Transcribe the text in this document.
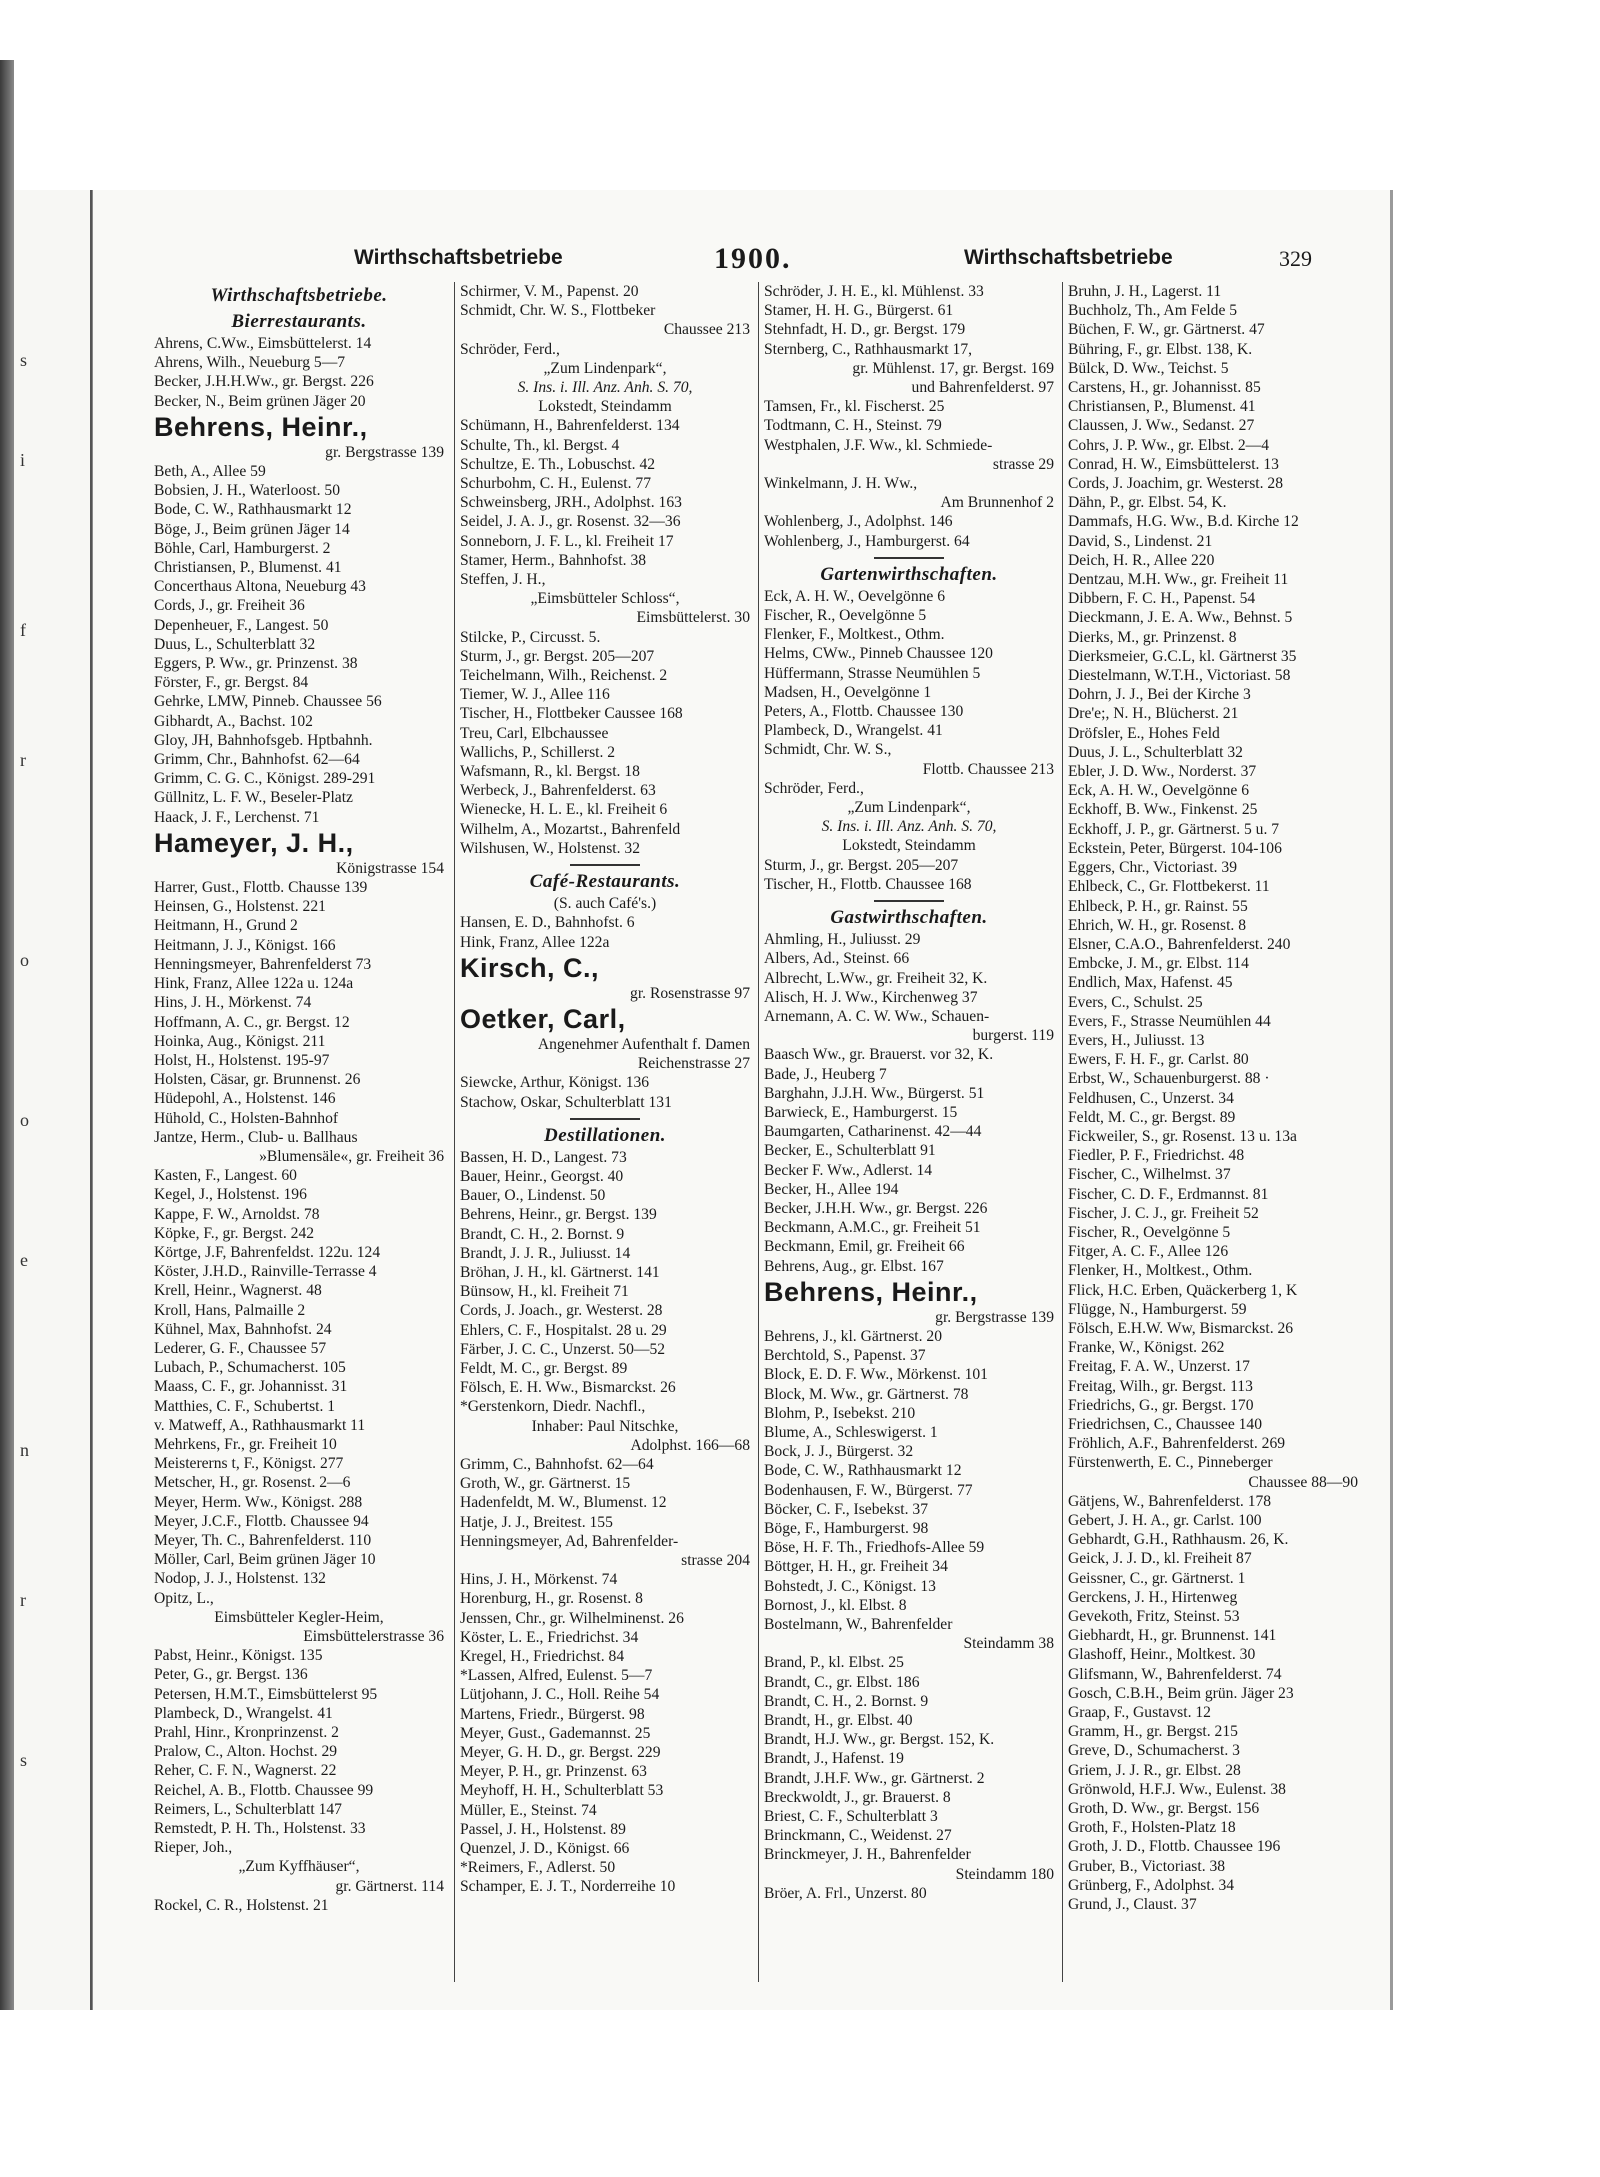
s
i
f
r
o
o
e
n
r
s
Wirthschaftsbetriebe	1900.	Wirthschaftsbetriebe	329
Wirthschaftsbetriebe.
Bierrestaurants.
Ahrens, C.Ww., Eimsbüttelerst. 14
Ahrens, Wilh., Neueburg 5—7
Becker, J.H.H.Ww., gr. Bergst. 226
Becker, N., Beim grünen Jäger 20
Behrens, Heinr.,
gr. Bergstrasse 139
Beth, A., Allee 59
Bobsien, J. H., Waterloost. 50
Bode, C. W., Rathhausmarkt 12
Böge, J., Beim grünen Jäger 14
Böhle, Carl, Hamburgerst. 2
Christiansen, P., Blumenst. 41
Concerthaus Altona, Neueburg 43
Cords, J., gr. Freiheit 36
Depenheuer, F., Langest. 50
Duus, L., Schulterblatt 32
Eggers, P. Ww., gr. Prinzenst. 38
Förster, F., gr. Bergst. 84
Gehrke, LMW, Pinneb. Chaussee 56
Gibhardt, A., Bachst. 102
Gloy, JH, Bahnhofsgeb. Hptbahnh.
Grimm, Chr., Bahnhofst. 62—64
Grimm, C. G. C., Königst. 289-291
Güllnitz, L. F. W., Beseler-Platz
Haack, J. F., Lerchenst. 71
Hameyer, J. H.,
Königstrasse 154
Harrer, Gust., Flottb. Chausse 139
Heinsen, G., Holstenst. 221
Heitmann, H., Grund 2
Heitmann, J. J., Königst. 166
Henningsmeyer, Bahrenfelderst 73
Hink, Franz, Allee 122a u. 124a
Hins, J. H., Mörkenst. 74
Hoffmann, A. C., gr. Bergst. 12
Hoinka, Aug., Königst. 211
Holst, H., Holstenst. 195-97
Holsten, Cäsar, gr. Brunnenst. 26
Hüdepohl, A., Holstenst. 146
Hühold, C., Holsten-Bahnhof
Jantze, Herm., Club- u. Ballhaus
»Blumensäle«, gr. Freiheit 36
Kasten, F., Langest. 60
Kegel, J., Holstenst. 196
Kappe, F. W., Arnoldst. 78
Köpke, F., gr. Bergst. 242
Körtge, J.F, Bahrenfeldst. 122u. 124
Köster, J.H.D., Rainville-Terrasse 4
Krell, Heinr., Wagnerst. 48
Kroll, Hans, Palmaille 2
Kühnel, Max, Bahnhofst. 24
Lederer, G. F., Chaussee 57
Lubach, P., Schumacherst. 105
Maass, C. F., gr. Johannisst. 31
Matthies, C. F., Schubertst. 1
v. Matweff, A., Rathhausmarkt 11
Mehrkens, Fr., gr. Freiheit 10
Meistererns t, F., Königst. 277
Metscher, H., gr. Rosenst. 2—6
Meyer, Herm. Ww., Königst. 288
Meyer, J.C.F., Flottb. Chaussee 94
Meyer, Th. C., Bahrenfelderst. 110
Möller, Carl, Beim grünen Jäger 10
Nodop, J. J., Holstenst. 132
Opitz, L.,
Eimsbütteler Kegler-Heim,
Eimsbüttelerstrasse 36
Pabst, Heinr., Königst. 135
Peter, G., gr. Bergst. 136
Petersen, H.M.T., Eimsbüttelerst 95
Plambeck, D., Wrangelst. 41
Prahl, Hinr., Kronprinzenst. 2
Pralow, C., Alton. Hochst. 29
Reher, C. F. N., Wagnerst. 22
Reichel, A. B., Flottb. Chaussee 99
Reimers, L., Schulterblatt 147
Remstedt, P. H. Th., Holstenst. 33
Rieper, Joh.,
„Zum Kyffhäuser“,
gr. Gärtnerst. 114
Rockel, C. R., Holstenst. 21
Schirmer, V. M., Papenst. 20
Schmidt, Chr. W. S., Flottbeker
Chaussee 213
Schröder, Ferd.,
„Zum Lindenpark“,
S. Ins. i. Ill. Anz. Anh. S. 70,
Lokstedt, Steindamm
Schümann, H., Bahrenfelderst. 134
Schulte, Th., kl. Bergst. 4
Schultze, E. Th., Lobuschst. 42
Schurbohm, C. H., Eulenst. 77
Schweinsberg, JRH., Adolphst. 163
Seidel, J. A. J., gr. Rosenst. 32—36
Sonneborn, J. F. L., kl. Freiheit 17
Stamer, Herm., Bahnhofst. 38
Steffen, J. H.,
„Eimsbütteler Schloss“,
Eimsbüttelerst. 30
Stilcke, P., Circusst. 5.
Sturm, J., gr. Bergst. 205—207
Teichelmann, Wilh., Reichenst. 2
Tiemer, W. J., Allee 116
Tischer, H., Flottbeker Caussee 168
Treu, Carl, Elbchaussee
Wallichs, P., Schillerst. 2
Wafsmann, R., kl. Bergst. 18
Werbeck, J., Bahrenfelderst. 63
Wienecke, H. L. E., kl. Freiheit 6
Wilhelm, A., Mozartst., Bahrenfeld
Wilshusen, W., Holstenst. 32
Café-Restaurants.
(S. auch Café's.)
Hansen, E. D., Bahnhofst. 6
Hink, Franz, Allee 122a
Kirsch, C.,
gr. Rosenstrasse 97
Oetker, Carl,
Angenehmer Aufenthalt f. Damen
Reichenstrasse 27
Siewcke, Arthur, Königst. 136
Stachow, Oskar, Schulterblatt 131
Destillationen.
Bassen, H. D., Langest. 73
Bauer, Heinr., Georgst. 40
Bauer, O., Lindenst. 50
Behrens, Heinr., gr. Bergst. 139
Brandt, C. H., 2. Bornst. 9
Brandt, J. J. R., Juliusst. 14
Bröhan, J. H., kl. Gärtnerst. 141
Bünsow, H., kl. Freiheit 71
Cords, J. Joach., gr. Westerst. 28
Ehlers, C. F., Hospitalst. 28 u. 29
Färber, J. C. C., Unzerst. 50—52
Feldt, M. C., gr. Bergst. 89
Fölsch, E. H. Ww., Bismarckst. 26
*Gerstenkorn, Diedr. Nachfl.,
Inhaber: Paul Nitschke,
Adolphst. 166—68
Grimm, C., Bahnhofst. 62—64
Groth, W., gr. Gärtnerst. 15
Hadenfeldt, M. W., Blumenst. 12
Hatje, J. J., Breitest. 155
Henningsmeyer, Ad, Bahrenfelder-
strasse 204
Hins, J. H., Mörkenst. 74
Horenburg, H., gr. Rosenst. 8
Jenssen, Chr., gr. Wilhelminenst. 26
Köster, L. E., Friedrichst. 34
Kregel, H., Friedrichst. 84
*Lassen, Alfred, Eulenst. 5—7
Lütjohann, J. C., Holl. Reihe 54
Martens, Friedr., Bürgerst. 98
Meyer, Gust., Gademannst. 25
Meyer, G. H. D., gr. Bergst. 229
Meyer, P. H., gr. Prinzenst. 63
Meyhoff, H. H., Schulterblatt 53
Müller, E., Steinst. 74
Passel, J. H., Holstenst. 89
Quenzel, J. D., Königst. 66
*Reimers, F., Adlerst. 50
Schamper, E. J. T., Norderreihe 10
Schröder, J. H. E., kl. Mühlenst. 33
Stamer, H. H. G., Bürgerst. 61
Stehnfadt, H. D., gr. Bergst. 179
Sternberg, C., Rathhausmarkt 17,
gr. Mühlenst. 17, gr. Bergst. 169
und Bahrenfelderst. 97
Tamsen, Fr., kl. Fischerst. 25
Todtmann, C. H., Steinst. 79
Westphalen, J.F. Ww., kl. Schmiede-
strasse 29
Winkelmann, J. H. Ww.,
Am Brunnenhof 2
Wohlenberg, J., Adolphst. 146
Wohlenberg, J., Hamburgerst. 64
Gartenwirthschaften.
Eck, A. H. W., Oevelgönne 6
Fischer, R., Oevelgönne 5
Flenker, F., Moltkest., Othm.
Helms, CWw., Pinneb Chaussee 120
Hüffermann, Strasse Neumühlen 5
Madsen, H., Oevelgönne 1
Peters, A., Flottb. Chaussee 130
Plambeck, D., Wrangelst. 41
Schmidt, Chr. W. S.,
Flottb. Chaussee 213
Schröder, Ferd.,
„Zum Lindenpark“,
S. Ins. i. Ill. Anz. Anh. S. 70,
Lokstedt, Steindamm
Sturm, J., gr. Bergst. 205—207
Tischer, H., Flottb. Chaussee 168
Gastwirthschaften.
Ahmling, H., Juliusst. 29
Albers, Ad., Steinst. 66
Albrecht, L.Ww., gr. Freiheit 32, K.
Alisch, H. J. Ww., Kirchenweg 37
Arnemann, A. C. W. Ww., Schauen-
burgerst. 119
Baasch Ww., gr. Brauerst. vor 32, K.
Bade, J., Heuberg 7
Barghahn, J.J.H. Ww., Bürgerst. 51
Barwieck, E., Hamburgerst. 15
Baumgarten, Catharinenst. 42—44
Becker, E., Schulterblatt 91
Becker F. Ww., Adlerst. 14
Becker, H., Allee 194
Becker, J.H.H. Ww., gr. Bergst. 226
Beckmann, A.M.C., gr. Freiheit 51
Beckmann, Emil, gr. Freiheit 66
Behrens, Aug., gr. Elbst. 167
Behrens, Heinr.,
gr. Bergstrasse 139
Behrens, J., kl. Gärtnerst. 20
Berchtold, S., Papenst. 37
Block, E. D. F. Ww., Mörkenst. 101
Block, M. Ww., gr. Gärtnerst. 78
Blohm, P., Isebekst. 210
Blume, A., Schleswigerst. 1
Bock, J. J., Bürgerst. 32
Bode, C. W., Rathhausmarkt 12
Bodenhausen, F. W., Bürgerst. 77
Böcker, C. F., Isebekst. 37
Böge, F., Hamburgerst. 98
Böse, H. F. Th., Friedhofs-Allee 59
Böttger, H. H., gr. Freiheit 34
Bohstedt, J. C., Königst. 13
Bornost, J., kl. Elbst. 8
Bostelmann, W., Bahrenfelder
Steindamm 38
Brand, P., kl. Elbst. 25
Brandt, C., gr. Elbst. 186
Brandt, C. H., 2. Bornst. 9
Brandt, H., gr. Elbst. 40
Brandt, H.J. Ww., gr. Bergst. 152, K.
Brandt, J., Hafenst. 19
Brandt, J.H.F. Ww., gr. Gärtnerst. 2
Breckwoldt, J., gr. Brauerst. 8
Briest, C. F., Schulterblatt 3
Brinckmann, C., Weidenst. 27
Brinckmeyer, J. H., Bahrenfelder
Steindamm 180
Bröer, A. Frl., Unzerst. 80
Bruhn, J. H., Lagerst. 11
Buchholz, Th., Am Felde 5
Büchen, F. W., gr. Gärtnerst. 47
Bühring, F., gr. Elbst. 138, K.
Bülck, D. Ww., Teichst. 5
Carstens, H., gr. Johannisst. 85
Christiansen, P., Blumenst. 41
Claussen, J. Ww., Sedanst. 27
Cohrs, J. P. Ww., gr. Elbst. 2—4
Conrad, H. W., Eimsbüttelerst. 13
Cords, J. Joachim, gr. Westerst. 28
Dähn, P., gr. Elbst. 54, K.
Dammafs, H.G. Ww., B.d. Kirche 12
David, S., Lindenst. 21
Deich, H. R., Allee 220
Dentzau, M.H. Ww., gr. Freiheit 11
Dibbern, F. C. H., Papenst. 54
Dieckmann, J. E. A. Ww., Behnst. 5
Dierks, M., gr. Prinzenst. 8
Dierksmeier, G.C.L, kl. Gärtnerst 35
Diestelmann, W.T.H., Victoriast. 58
Dohrn, J. J., Bei der Kirche 3
Dre'e;, N. H., Blücherst. 21
Dröfsler, E., Hohes Feld
Duus, J. L., Schulterblatt 32
Ebler, J. D. Ww., Norderst. 37
Eck, A. H. W., Oevelgönne 6
Eckhoff, B. Ww., Finkenst. 25
Eckhoff, J. P., gr. Gärtnerst. 5 u. 7
Eckstein, Peter, Bürgerst. 104-106
Eggers, Chr., Victoriast. 39
Ehlbeck, C., Gr. Flottbekerst. 11
Ehlbeck, P. H., gr. Rainst. 55
Ehrich, W. H., gr. Rosenst. 8
Elsner, C.A.O., Bahrenfelderst. 240
Embcke, J. M., gr. Elbst. 114
Endlich, Max, Hafenst. 45
Evers, C., Schulst. 25
Evers, F., Strasse Neumühlen 44
Evers, H., Juliusst. 13
Ewers, F. H. F., gr. Carlst. 80
Erbst, W., Schauenburgerst. 88 ·
Feldhusen, C., Unzerst. 34
Feldt, M. C., gr. Bergst. 89
Fickweiler, S., gr. Rosenst. 13 u. 13a
Fiedler, P. F., Friedrichst. 48
Fischer, C., Wilhelmst. 37
Fischer, C. D. F., Erdmannst. 81
Fischer, J. C. J., gr. Freiheit 52
Fischer, R., Oevelgönne 5
Fitger, A. C. F., Allee 126
Flenker, H., Moltkest., Othm.
Flick, H.C. Erben, Quäckerberg 1, K
Flügge, N., Hamburgerst. 59
Fölsch, E.H.W. Ww, Bismarckst. 26
Franke, W., Königst. 262
Freitag, F. A. W., Unzerst. 17
Freitag, Wilh., gr. Bergst. 113
Friedrichs, G., gr. Bergst. 170
Friedrichsen, C., Chaussee 140
Fröhlich, A.F., Bahrenfelderst. 269
Fürstenwerth, E. C., Pinneberger
Chaussee 88—90
Gätjens, W., Bahrenfelderst. 178
Gebert, J. H. A., gr. Carlst. 100
Gebhardt, G.H., Rathhausm. 26, K.
Geick, J. J. D., kl. Freiheit 87
Geissner, C., gr. Gärtnerst. 1
Gerckens, J. H., Hirtenweg
Gevekoth, Fritz, Steinst. 53
Giebhardt, H., gr. Brunnenst. 141
Glashoff, Heinr., Moltkest. 30
Glifsmann, W., Bahrenfelderst. 74
Gosch, C.B.H., Beim grün. Jäger 23
Graap, F., Gustavst. 12
Gramm, H., gr. Bergst. 215
Greve, D., Schumacherst. 3
Griem, J. J. R., gr. Elbst. 28
Grönwold, H.F.J. Ww., Eulenst. 38
Groth, D. Ww., gr. Bergst. 156
Groth, F., Holsten-Platz 18
Groth, J. D., Flottb. Chaussee 196
Gruber, B., Victoriast. 38
Grünberg, F., Adolphst. 34
Grund, J., Claust. 37
